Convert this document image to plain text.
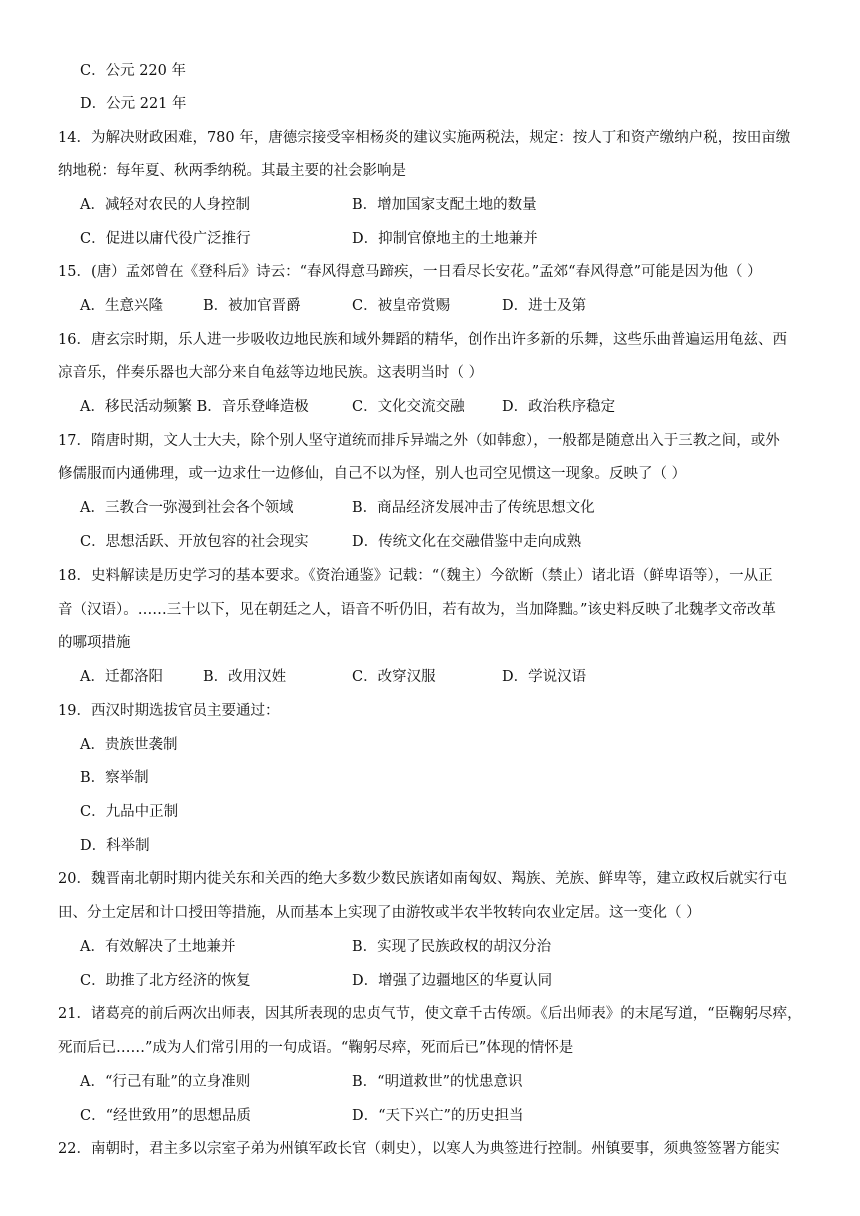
C．公元 220 年
D．公元 221 年
14．为解决财政困难，780 年，唐德宗接受宰相杨炎的建议实施两税法，规定：按人丁和资产缴纳户税，按田亩缴
纳地税：每年夏、秋两季纳税。其最主要的社会影响是
A．减轻对农民的人身控制	B．增加国家支配土地的数量
C．促进以庸代役广泛推行	D．抑制官僚地主的土地兼并
15．(唐）孟郊曾在《登科后》诗云：“春风得意马蹄疾，一日看尽长安花。”孟郊“春风得意”可能是因为他（ ）
A．生意兴隆	B．被加官晋爵	C．被皇帝赏赐	D．进士及第
16．唐玄宗时期，乐人进一步吸收边地民族和域外舞蹈的精华，创作出许多新的乐舞，这些乐曲普遍运用龟兹、西
凉音乐，伴奏乐器也大部分来自龟兹等边地民族。这表明当时（ ）
A．移民活动频繁 B．音乐登峰造极	C．文化交流交融	D．政治秩序稳定
17．隋唐时期，文人士大夫，除个别人坚守道统而排斥异端之外（如韩愈），一般都是随意出入于三教之间，或外
修儒服而内通佛理，或一边求仕一边修仙，自己不以为怪，别人也司空见惯这一现象。反映了（ ）
A．三教合一弥漫到社会各个领域	B．商品经济发展冲击了传统思想文化
C．思想活跃、开放包容的社会现实	D．传统文化在交融借鉴中走向成熟
18．史料解读是历史学习的基本要求。《资治通鉴》记载：“（魏主）今欲断（禁止）诸北语（鲜卑语等），一从正
音（汉语）。……三十以下，见在朝廷之人，语音不听仍旧，若有故为，当加降黜。”该史料反映了北魏孝文帝改革
的哪项措施
A．迁都洛阳	B．改用汉姓	C．改穿汉服	D．学说汉语
19．西汉时期选拔官员主要通过：
A．贵族世袭制
B．察举制
C．九品中正制
D．科举制
20．魏晋南北朝时期内徙关东和关西的绝大多数少数民族诸如南匈奴、羯族、羌族、鲜卑等，建立政权后就实行屯
田、分土定居和计口授田等措施，从而基本上实现了由游牧或半农半牧转向农业定居。这一变化（ ）
A．有效解决了土地兼并	B．实现了民族政权的胡汉分治
C．助推了北方经济的恢复	D．增强了边疆地区的华夏认同
21．诸葛亮的前后两次出师表，因其所表现的忠贞气节，使文章千古传颂。《后出师表》的末尾写道，“臣鞠躬尽瘁，
死而后已……”成为人们常引用的一句成语。“鞠躬尽瘁，死而后已”体现的情怀是
A．“行己有耻”的立身准则	B．“明道救世”的忧患意识
C．“经世致用”的思想品质	D．“天下兴亡”的历史担当
22．南朝时，君主多以宗室子弟为州镇军政长官（刺史），以寒人为典签进行控制。州镇要事，须典签签署方能实
